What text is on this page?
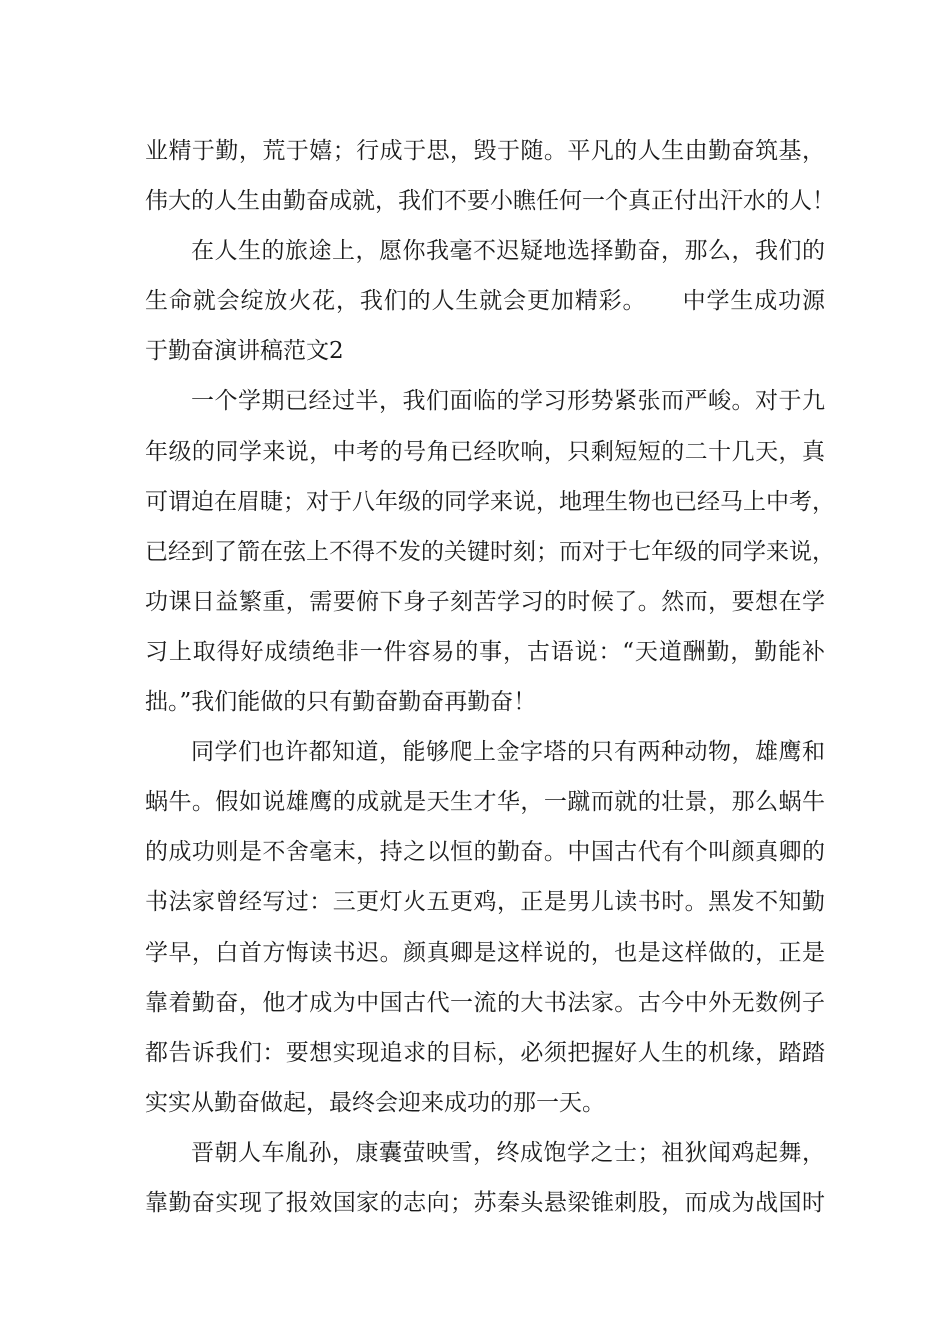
业精于勤，荒于嬉；行成于思，毁于随。平凡的人生由勤奋筑基，
伟大的人生由勤奋成就，我们不要小瞧任何一个真正付出汗水的人！
在人生的旅途上，愿你我毫不迟疑地选择勤奋，那么，我们的
生命就会绽放火花，我们的人生就会更加精彩。　　中学生成功源
于勤奋演讲稿范文2
一个学期已经过半，我们面临的学习形势紧张而严峻。对于九
年级的同学来说，中考的号角已经吹响，只剩短短的二十几天，真
可谓迫在眉睫；对于八年级的同学来说，地理生物也已经马上中考，
已经到了箭在弦上不得不发的关键时刻；而对于七年级的同学来说，
功课日益繁重，需要俯下身子刻苦学习的时候了。然而，要想在学
习上取得好成绩绝非一件容易的事，古语说：“天道酬勤，勤能补
拙。”我们能做的只有勤奋勤奋再勤奋！
同学们也许都知道，能够爬上金字塔的只有两种动物，雄鹰和
蜗牛。假如说雄鹰的成就是天生才华，一蹴而就的壮景，那么蜗牛
的成功则是不舍毫末，持之以恒的勤奋。中国古代有个叫颜真卿的
书法家曾经写过：三更灯火五更鸡，正是男儿读书时。黑发不知勤
学早，白首方悔读书迟。颜真卿是这样说的，也是这样做的，正是
靠着勤奋，他才成为中国古代一流的大书法家。古今中外无数例子
都告诉我们：要想实现追求的目标，必须把握好人生的机缘，踏踏
实实从勤奋做起，最终会迎来成功的那一天。
晋朝人车胤孙，康囊萤映雪，终成饱学之士；祖狄闻鸡起舞，
靠勤奋实现了报效国家的志向；苏秦头悬梁锥刺股，而成为战国时
